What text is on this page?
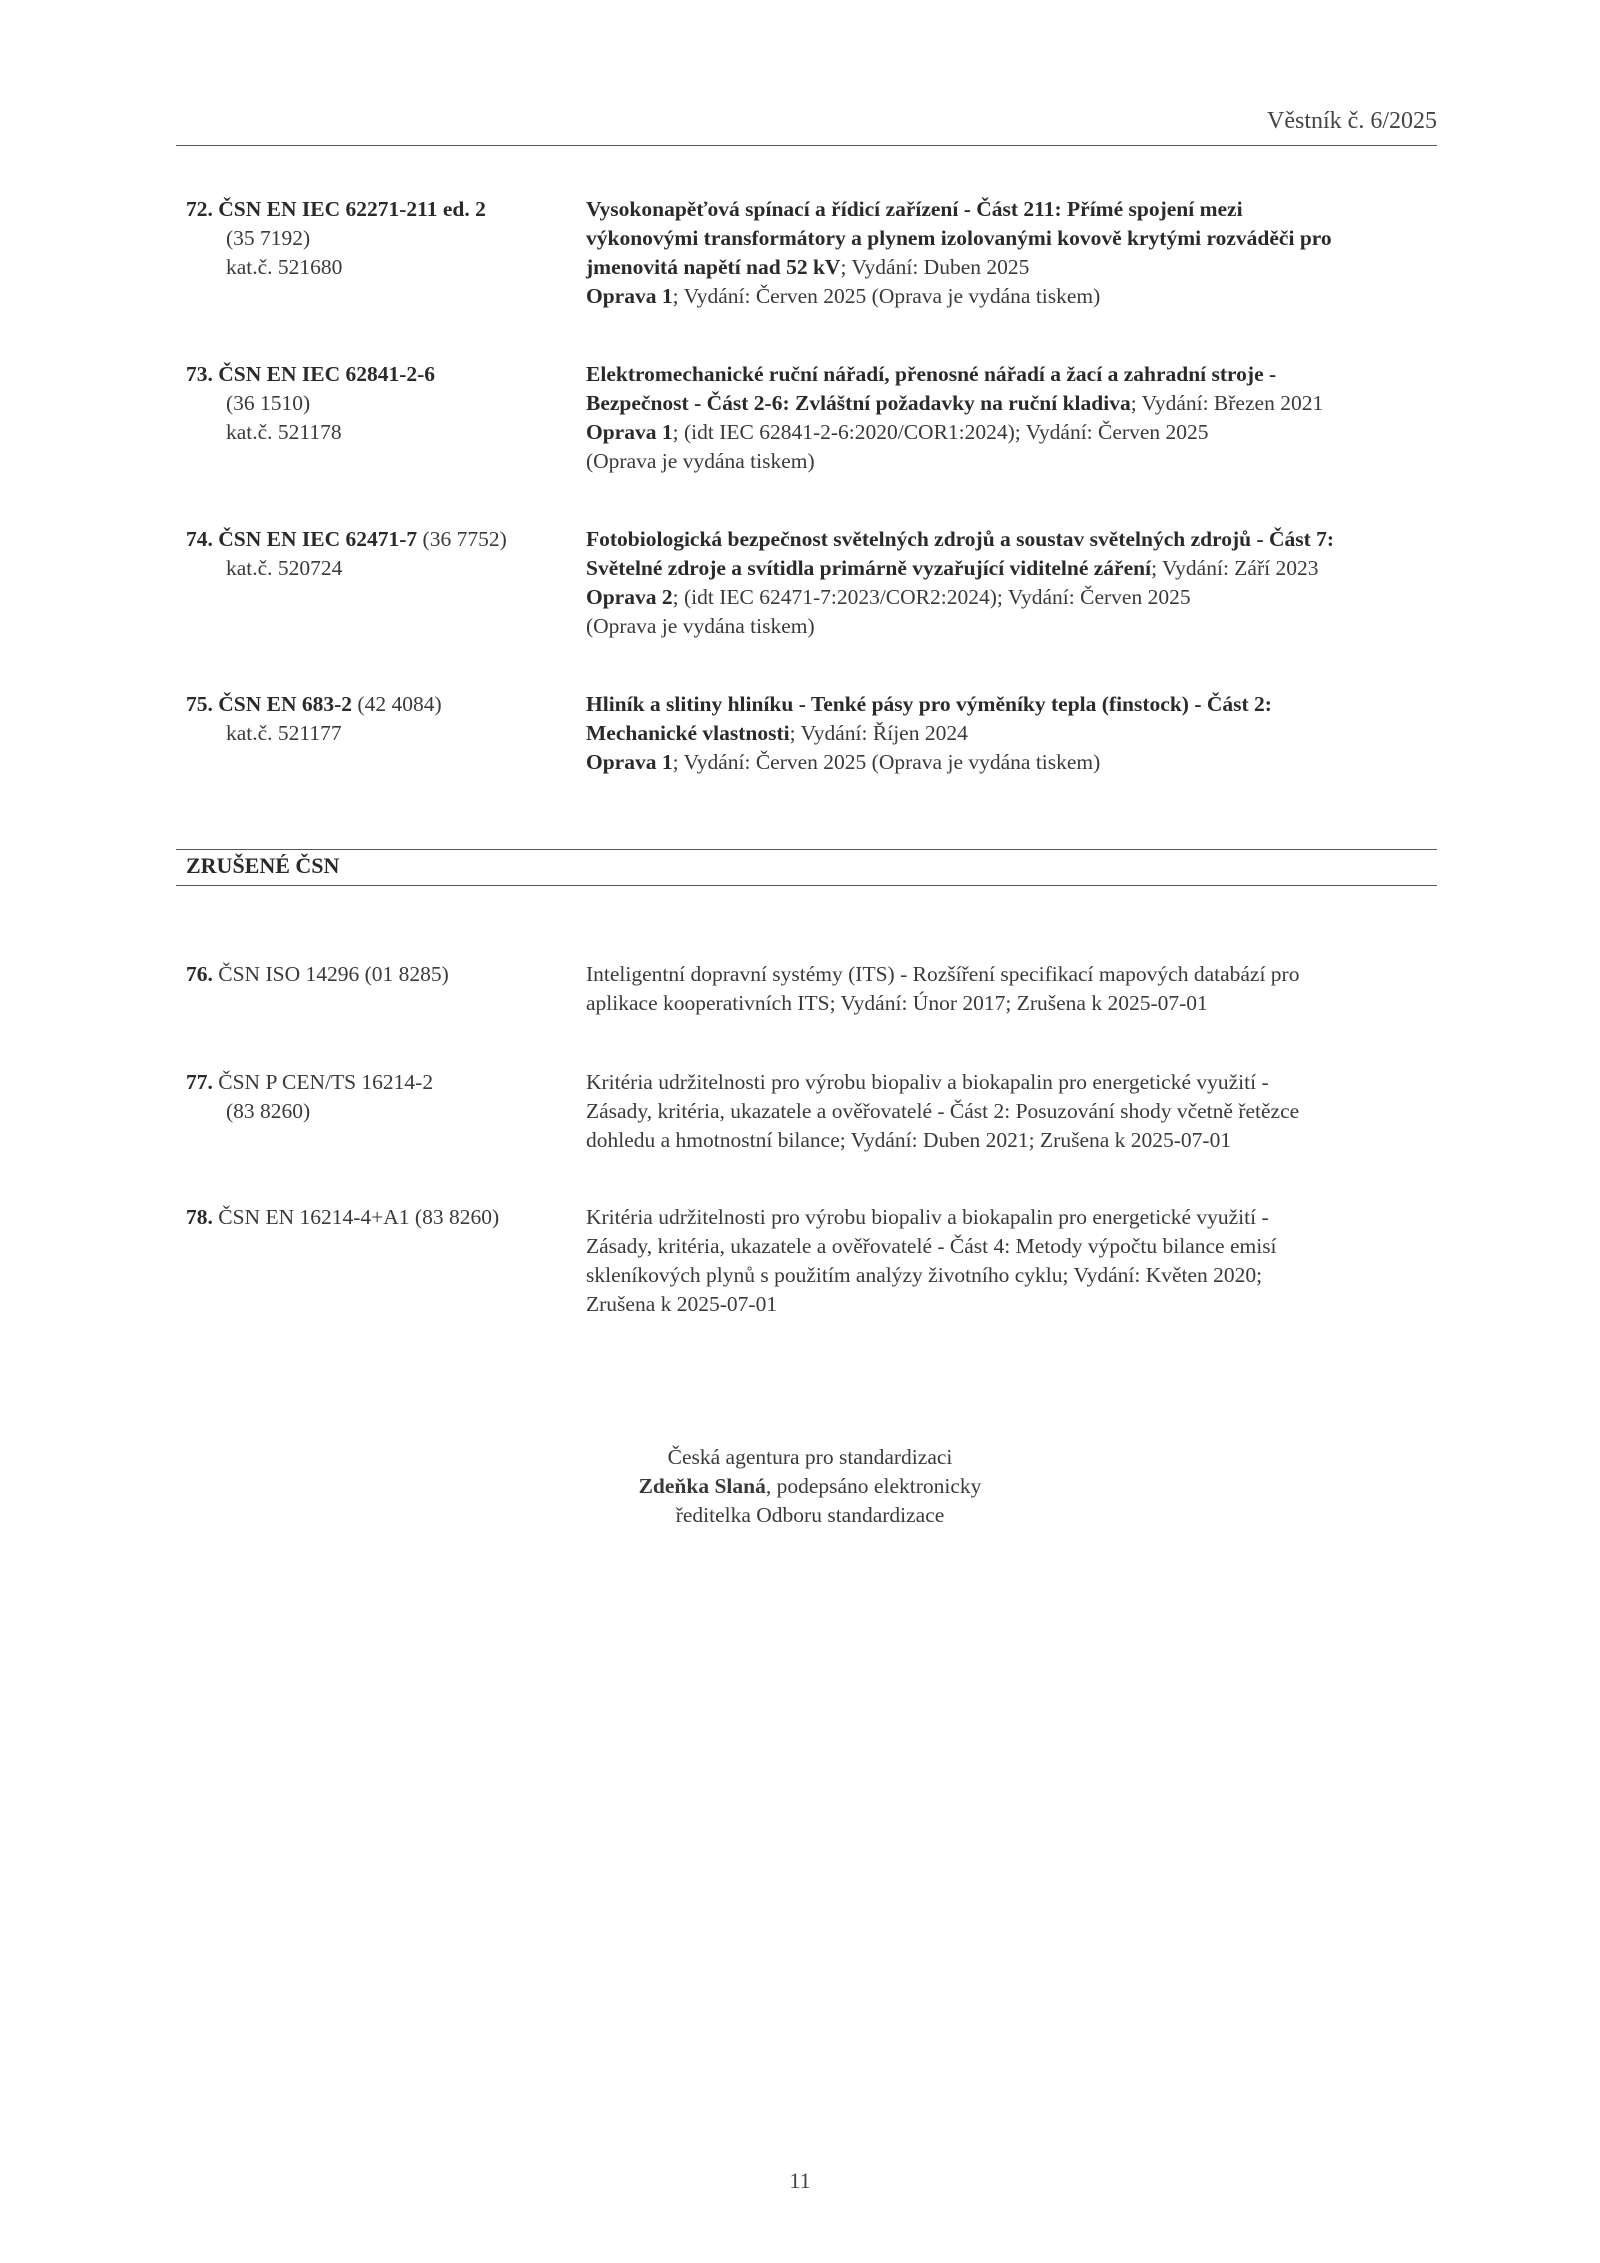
Věstník č. 6/2025
72. ČSN EN IEC 62271-211 ed. 2
(35 7192)
kat.č. 521680
Vysokonapěťová spínací a řídicí zařízení - Část 211: Přímé spojení mezi
výkonovými transformátory a plynem izolovanými kovově krytými rozváděči pro
jmenovitá napětí nad 52 kV; Vydání: Duben 2025
Oprava 1; Vydání: Červen 2025 (Oprava je vydána tiskem)
73. ČSN EN IEC 62841-2-6
(36 1510)
kat.č. 521178
Elektromechanické ruční nářadí, přenosné nářadí a žací a zahradní stroje -
Bezpečnost - Část 2-6: Zvláštní požadavky na ruční kladiva; Vydání: Březen 2021
Oprava 1; (idt IEC 62841-2-6:2020/COR1:2024); Vydání: Červen 2025
(Oprava je vydána tiskem)
74. ČSN EN IEC 62471-7 (36 7752)
kat.č. 520724
Fotobiologická bezpečnost světelných zdrojů a soustav světelných zdrojů - Část 7:
Světelné zdroje a svítidla primárně vyzařující viditelné záření; Vydání: Září 2023
Oprava 2; (idt IEC 62471-7:2023/COR2:2024); Vydání: Červen 2025
(Oprava je vydána tiskem)
75. ČSN EN 683-2 (42 4084)
kat.č. 521177
Hliník a slitiny hliníku - Tenké pásy pro výměníky tepla (finstock) - Část 2:
Mechanické vlastnosti; Vydání: Říjen 2024
Oprava 1; Vydání: Červen 2025 (Oprava je vydána tiskem)
ZRUŠENÉ ČSN
76. ČSN ISO 14296 (01 8285)	Inteligentní dopravní systémy (ITS) - Rozšíření specifikací mapových databází pro
aplikace kooperativních ITS; Vydání: Únor 2017; Zrušena k 2025-07-01
77. ČSN P CEN/TS 16214-2
(83 8260)
Kritéria udržitelnosti pro výrobu biopaliv a biokapalin pro energetické využití -
Zásady, kritéria, ukazatele a ověřovatelé - Část 2: Posuzování shody včetně řetězce
dohledu a hmotnostní bilance; Vydání: Duben 2021; Zrušena k 2025-07-01
78. ČSN EN 16214-4+A1 (83 8260)	Kritéria udržitelnosti pro výrobu biopaliv a biokapalin pro energetické využití -
Zásady, kritéria, ukazatele a ověřovatelé - Část 4: Metody výpočtu bilance emisí
skleníkových plynů s použitím analýzy životního cyklu; Vydání: Květen 2020;
Zrušena k 2025-07-01
Česká agentura pro standardizaci
Zdeňka Slaná, podepsáno elektronicky
ředitelka Odboru standardizace
11
